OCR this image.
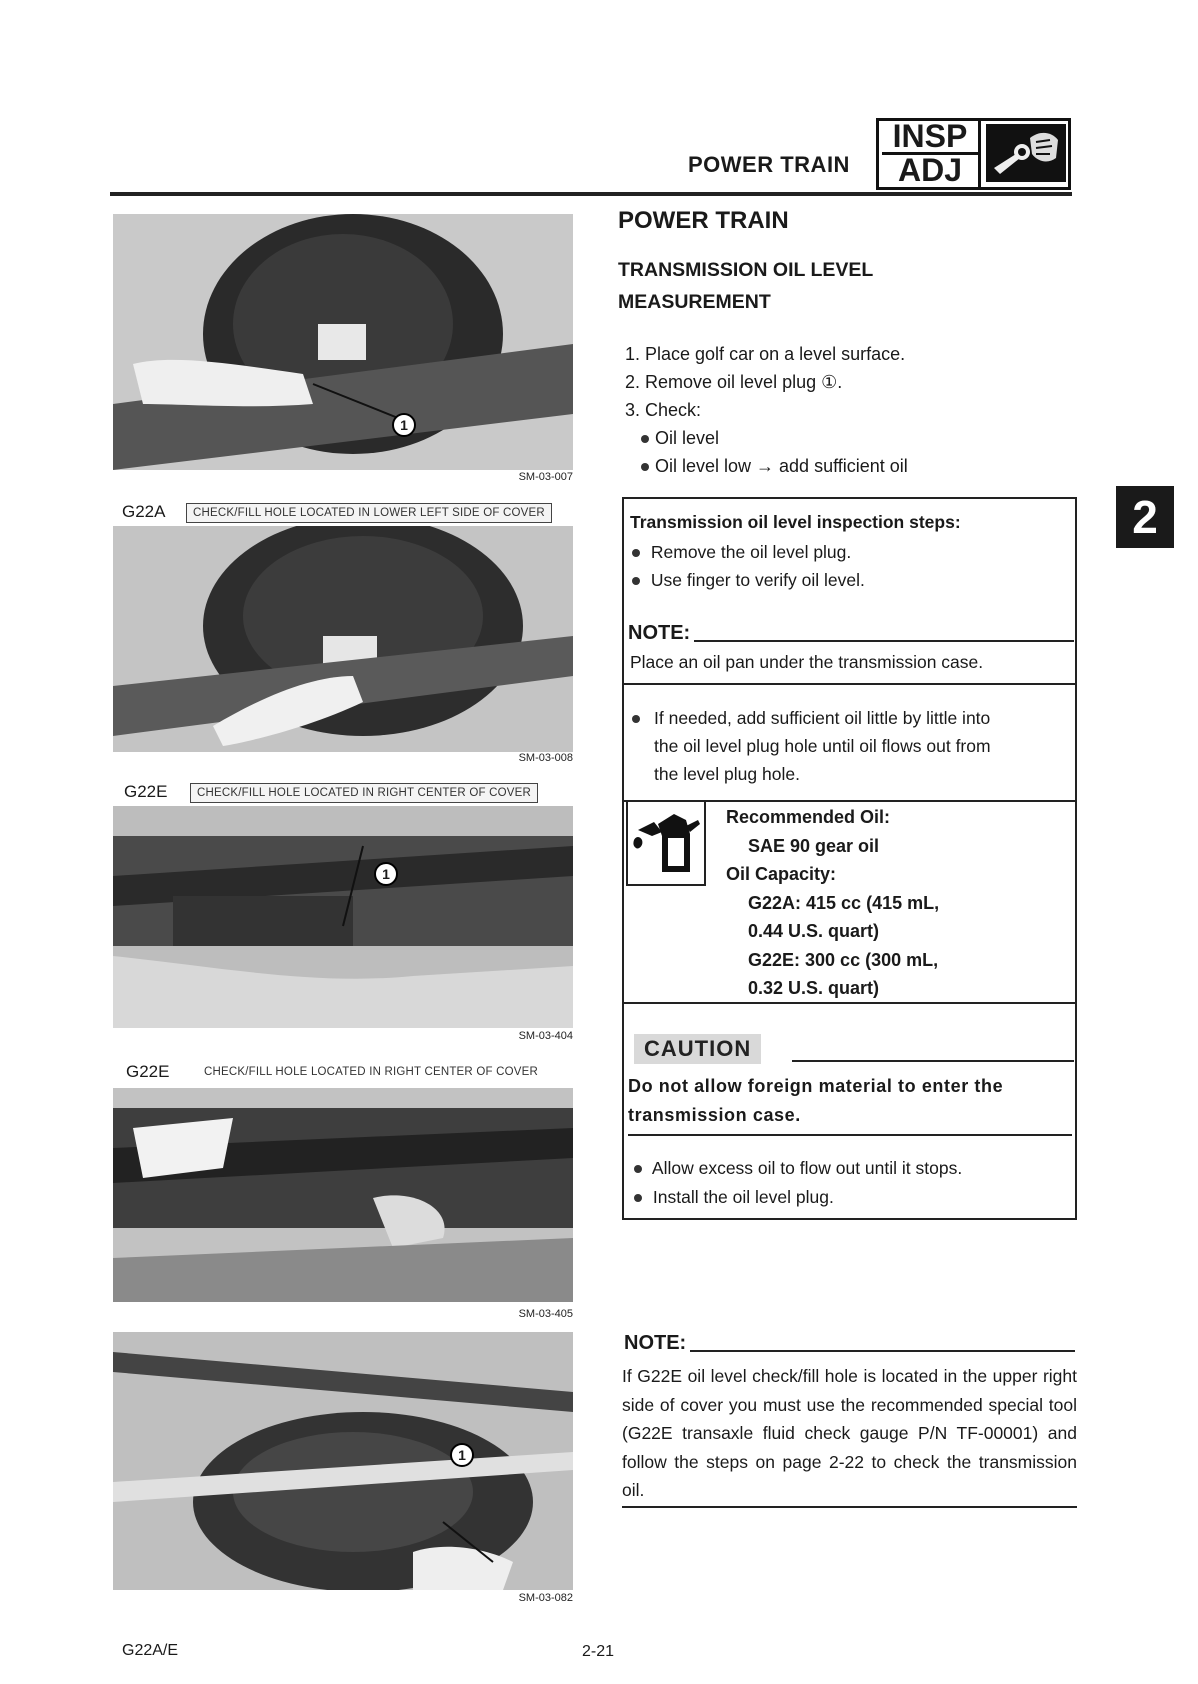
POWER TRAIN
INSP
ADJ
1
SM-03-007
G22A	CHECK/FILL HOLE LOCATED IN LOWER LEFT SIDE OF COVER
SM-03-008
G22E	CHECK/FILL HOLE LOCATED IN RIGHT CENTER OF COVER
1
SM-03-404
G22E	CHECK/FILL HOLE LOCATED IN RIGHT CENTER OF COVER
SM-03-405
1
SM-03-082
POWER TRAIN
TRANSMISSION OIL LEVEL
MEASUREMENT
1. Place golf car on a level surface.
2. Remove oil level plug ①.
3. Check:
Oil level
Oil level low → add sufficient oil
Transmission oil level inspection steps:
Remove the oil level plug.
Use finger to verify oil level.
NOTE:
Place an oil pan under the transmission case.
If needed, add sufficient oil little by little into
the oil level plug hole until oil flows out from
the level plug hole.
Recommended Oil:
SAE 90 gear oil
Oil Capacity:
G22A: 415 cc (415 mL,
0.44 U.S. quart)
G22E: 300 cc (300 mL,
0.32 U.S. quart)
CAUTION
Do not allow foreign material to enter the transmission case.
Allow excess oil to flow out until it stops.
Install the oil level plug.
NOTE:
If G22E oil level check/fill hole is located in the upper right side of cover you must use the recommended special tool (G22E transaxle fluid check gauge P/N TF-00001) and follow the steps on page 2-22 to check the transmission oil.
2
G22A/E	2-21
